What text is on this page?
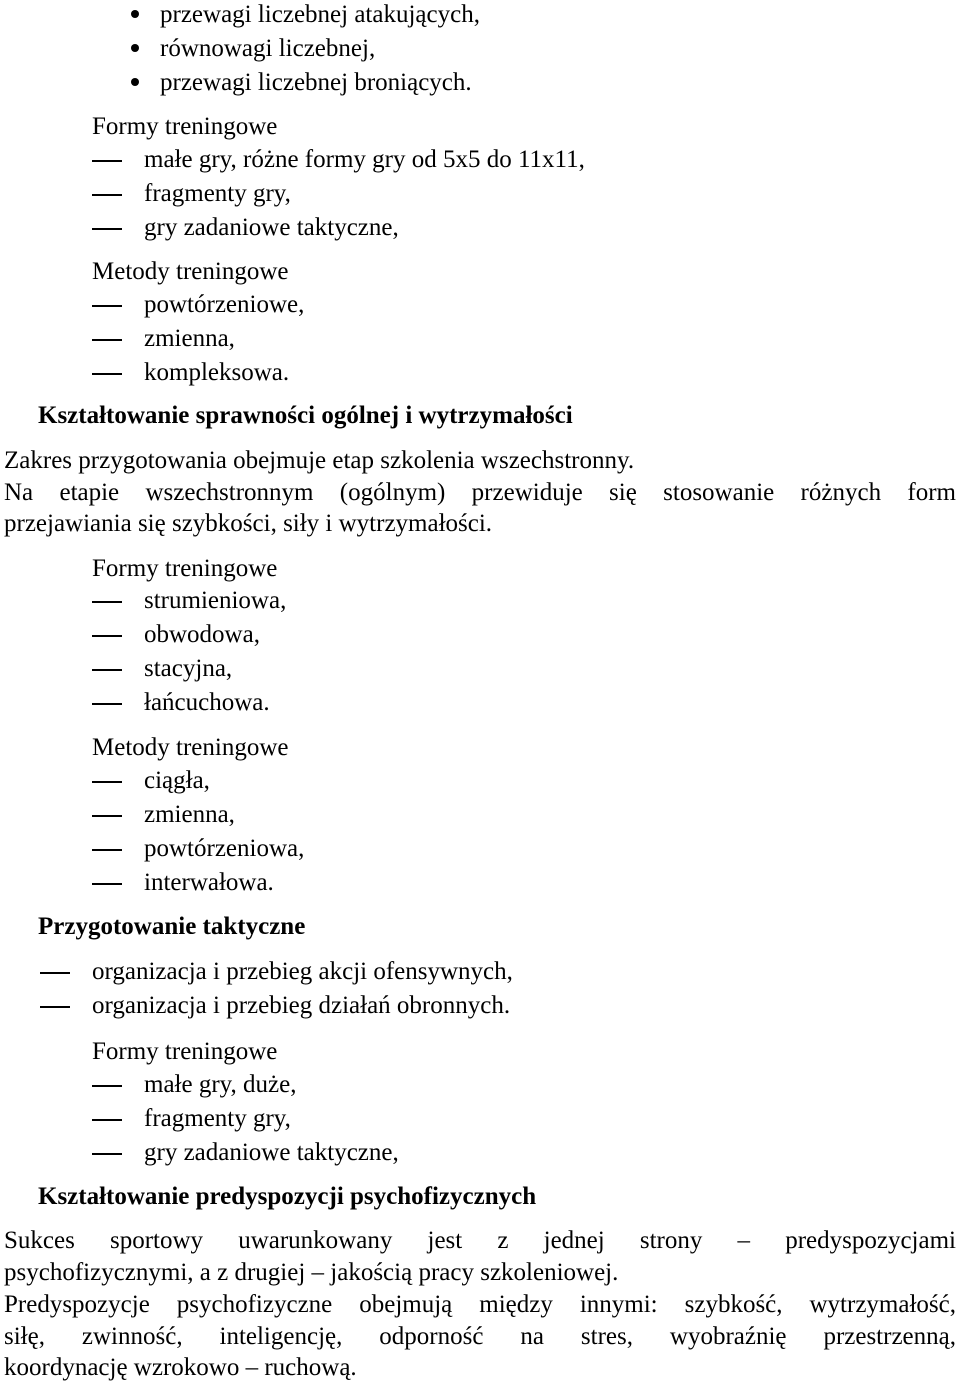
przewagi liczebnej atakujących,
równowagi liczebnej,
przewagi liczebnej broniących.
Formy treningowe
małe gry, różne formy gry od 5x5 do 11x11,
fragmenty gry,
gry zadaniowe taktyczne,
Metody treningowe
powtórzeniowe,
zmienna,
kompleksowa.
Kształtowanie sprawności ogólnej i wytrzymałości
Zakres przygotowania obejmuje etap szkolenia wszechstronny.
Na etapie wszechstronnym (ogólnym) przewiduje się stosowanie różnych form
przejawiania się szybkości, siły i wytrzymałości.
Formy treningowe
strumieniowa,
obwodowa,
stacyjna,
łańcuchowa.
Metody treningowe
ciągła,
zmienna,
powtórzeniowa,
interwałowa.
Przygotowanie taktyczne
organizacja i przebieg akcji ofensywnych,
organizacja i przebieg działań obronnych.
Formy treningowe
małe gry, duże,
fragmenty gry,
gry zadaniowe taktyczne,
Kształtowanie predyspozycji psychofizycznych
Sukces sportowy uwarunkowany jest z jednej strony – predyspozycjami
psychofizycznymi, a z drugiej – jakością pracy szkoleniowej.
Predyspozycje psychofizyczne obejmują między innymi: szybkość, wytrzymałość,
siłę, zwinność, inteligencję, odporność na stres, wyobraźnię przestrzenną,
koordynację wzrokowo – ruchową.
